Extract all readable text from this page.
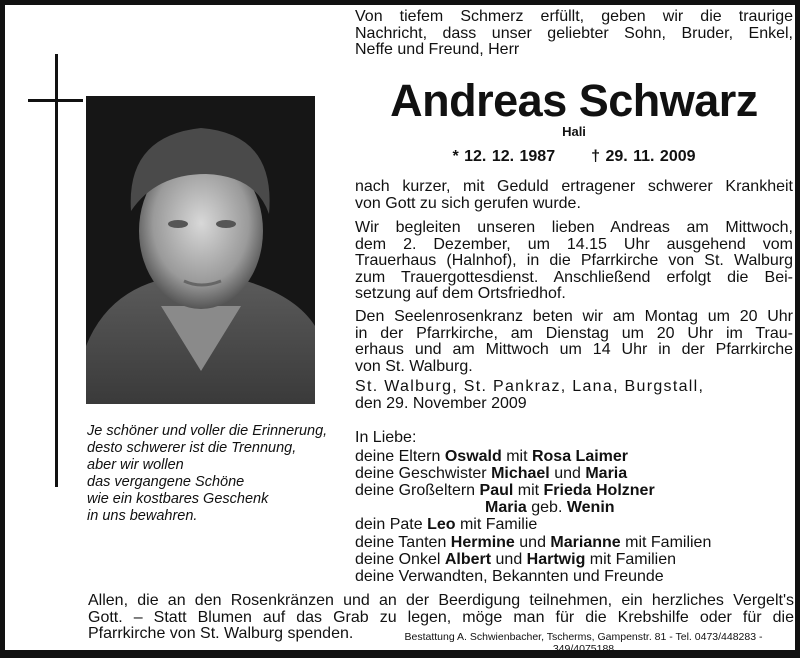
Je schöner und voller die Erinnerung,
desto schwerer ist die Trennung,
aber wir wollen
das vergangene Schöne
wie ein kostbares Geschenk
in uns bewahren.
Von tiefem Schmerz erfüllt, geben wir die traurige
Nachricht, dass unser geliebter Sohn, Bruder, Enkel,
Neffe und Freund, Herr
Andreas Schwarz
Hali
* 12. 12. 1987 † 29. 11. 2009
nach kurzer, mit Geduld ertragener schwerer Krankheit
von Gott zu sich gerufen wurde.
Wir begleiten unseren lieben Andreas am Mittwoch,
dem 2. Dezember, um 14.15 Uhr ausgehend vom
Trauerhaus (Halnhof), in die Pfarrkirche von St. Walburg
zum Trauergottesdienst. Anschließend erfolgt die Bei-
setzung auf dem Ortsfriedhof.
Den Seelenrosenkranz beten wir am Montag um 20 Uhr
in der Pfarrkirche, am Dienstag um 20 Uhr im Trau-
erhaus und am Mittwoch um 14 Uhr in der Pfarrkirche
von St. Walburg.
St. Walburg, St. Pankraz, Lana, Burgstall,
den 29. November 2009
In Liebe:
deine Eltern Oswald mit Rosa Laimer
deine Geschwister Michael und Maria
deine Großeltern Paul mit Frieda Holzner
Maria geb. Wenin
dein Pate Leo mit Familie
deine Tanten Hermine und Marianne mit Familien
deine Onkel Albert und Hartwig mit Familien
deine Verwandten, Bekannten und Freunde
Allen, die an den Rosenkränzen und an der Beerdigung teilnehmen, ein herzliches Vergelt's
Gott. – Statt Blumen auf das Grab zu legen, möge man für die Krebshilfe oder für die
Pfarrkirche von St. Walburg spenden.	Bestattung A. Schwienbacher, Tscherms, Gampenstr. 81 - Tel. 0473/448283 - 349/4075188
